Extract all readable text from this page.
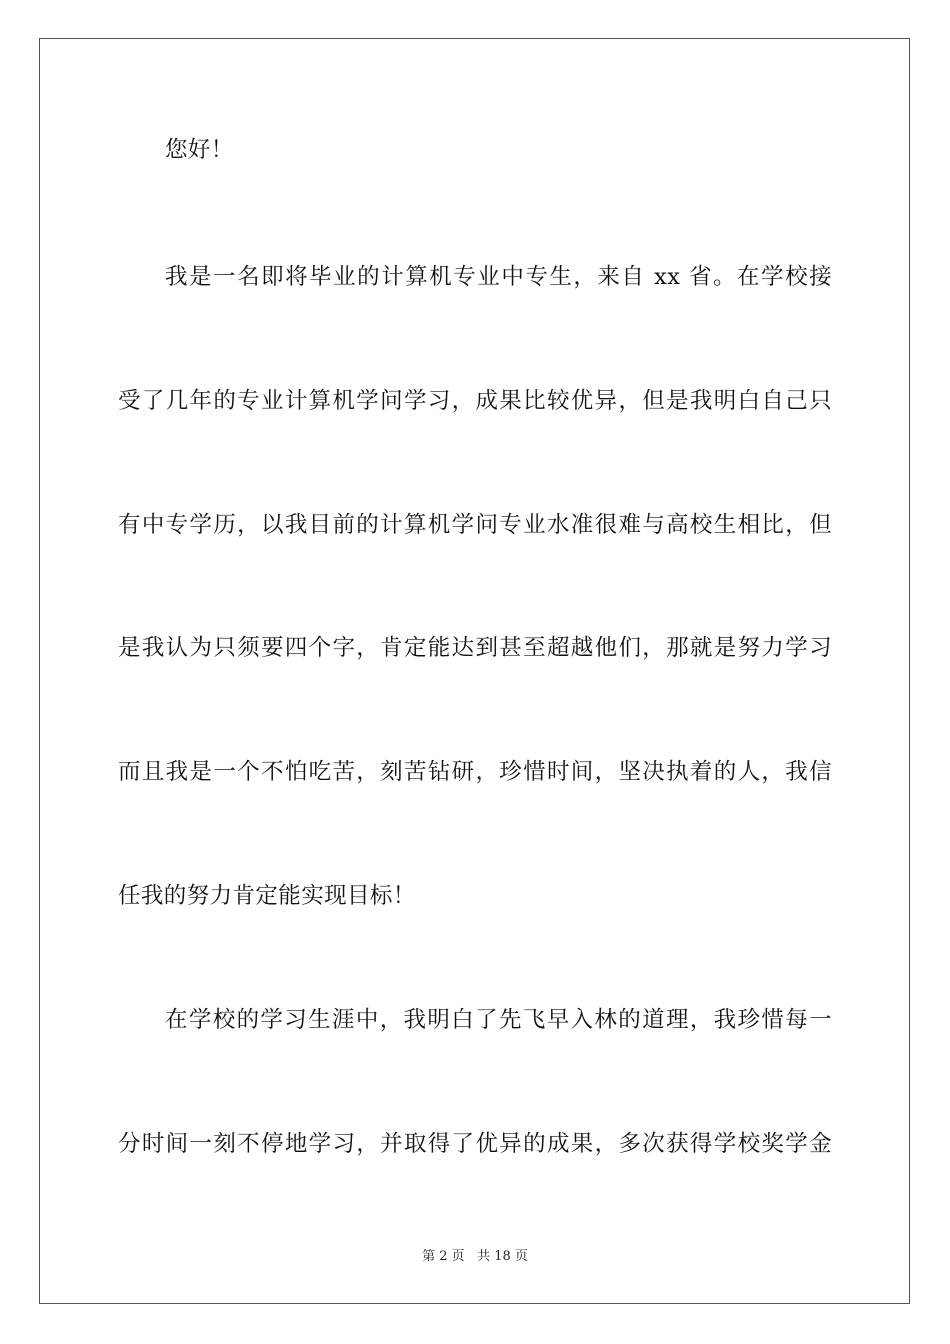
您好！
我是一名即将毕业的计算机专业中专生，来自 xx 省。在学校接
受了几年的专业计算机学问学习，成果比较优异，但是我明白自己只
有中专学历，以我目前的计算机学问专业水准很难与高校生相比，但
是我认为只须要四个字，肯定能达到甚至超越他们，那就是努力学习
而且我是一个不怕吃苦，刻苦钻研，珍惜时间，坚决执着的人，我信
任我的努力肯定能实现目标！
在学校的学习生涯中，我明白了先飞早入林的道理，我珍惜每一
分时间一刻不停地学习，并取得了优异的成果，多次获得学校奖学金
第 2 页 共 18 页
